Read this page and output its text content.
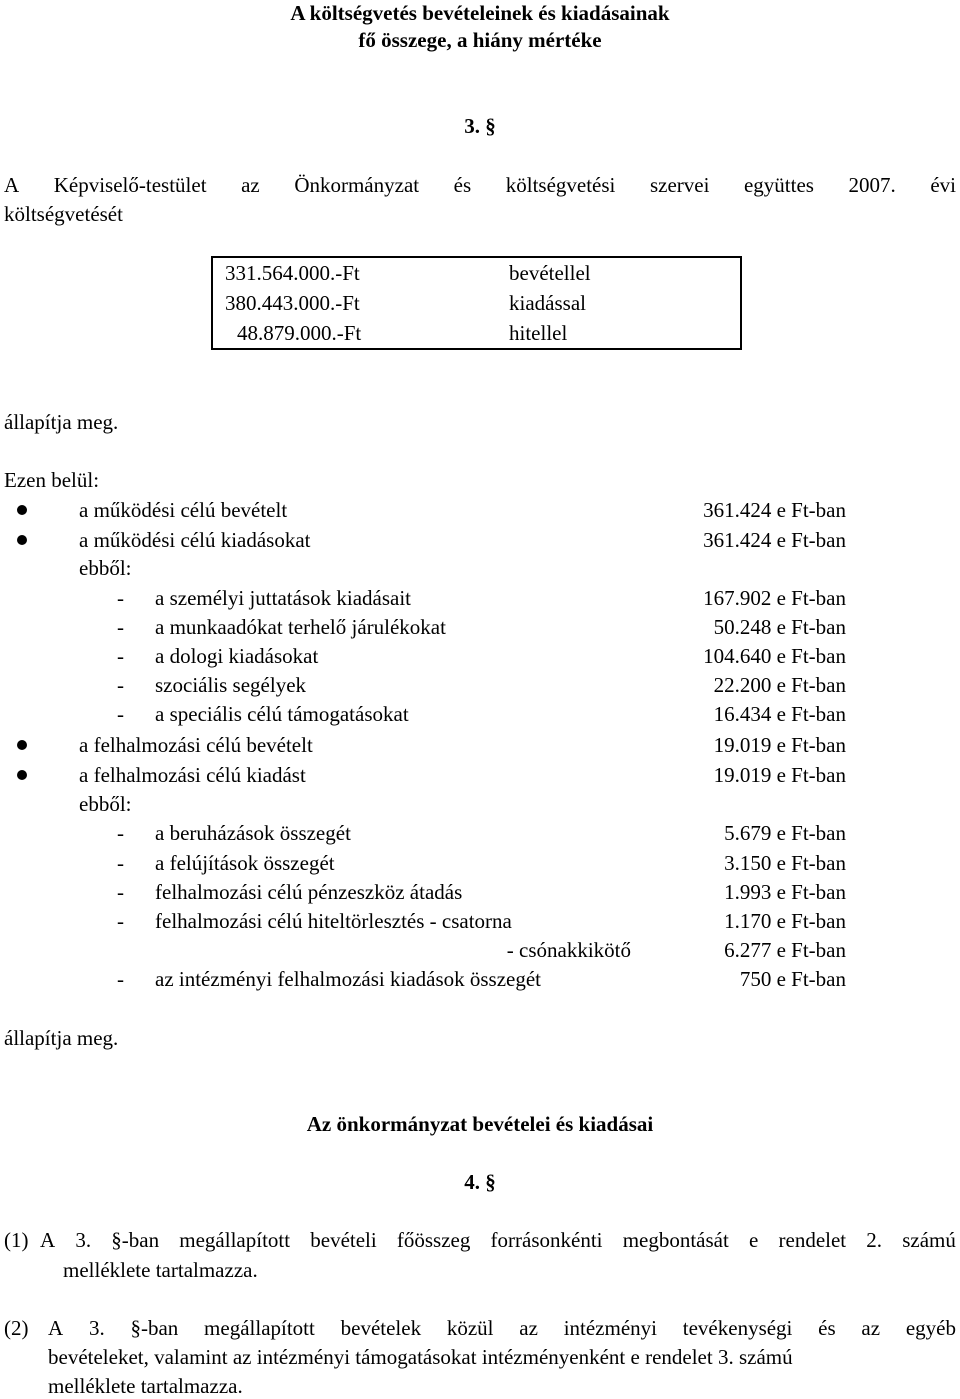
A költségvetés bevételeinek és kiadásainak
fő összege, a hiány mértéke
3. §
A Képviselő-testület az Önkormányzat és költségvetési szervei együttes 2007. évi
költségvetését
331.564.000.-Ft	bevétellel
380.443.000.-Ft	kiadással
48.879.000.-Ft	hitellel
állapítja meg.
Ezen belül:
a működési célú bevételt	361.424 e Ft-ban
a működési célú kiadásokat	361.424 e Ft-ban
ebből:
- a személyi juttatások kiadásait	167.902 e Ft-ban
- a munkaadókat terhelő járulékokat	50.248 e Ft-ban
- a dologi kiadásokat	104.640 e Ft-ban
- szociális segélyek	22.200 e Ft-ban
- a speciális célú támogatásokat	16.434 e Ft-ban
a felhalmozási célú bevételt	19.019 e Ft-ban
a felhalmozási célú kiadást	19.019 e Ft-ban
ebből:
- a beruházások összegét	5.679 e Ft-ban
- a felújítások összegét	3.150 e Ft-ban
- felhalmozási célú pénzeszköz átadás	1.993 e Ft-ban
- felhalmozási célú hiteltörlesztés - csatorna	1.170 e Ft-ban
- csónakkikötő	6.277 e Ft-ban
- az intézményi felhalmozási kiadások összegét	750 e Ft-ban
állapítja meg.
Az önkormányzat bevételei és kiadásai
4. §
(1) A 3. §-ban megállapított bevételi főösszeg forrásonkénti megbontását e rendelet 2. számú
melléklete tartalmazza.
(2) A 3. §-ban megállapított bevételek közül az intézményi tevékenységi és az egyéb
bevételeket, valamint az intézményi támogatásokat intézményenként e rendelet 3. számú
melléklete tartalmazza.
